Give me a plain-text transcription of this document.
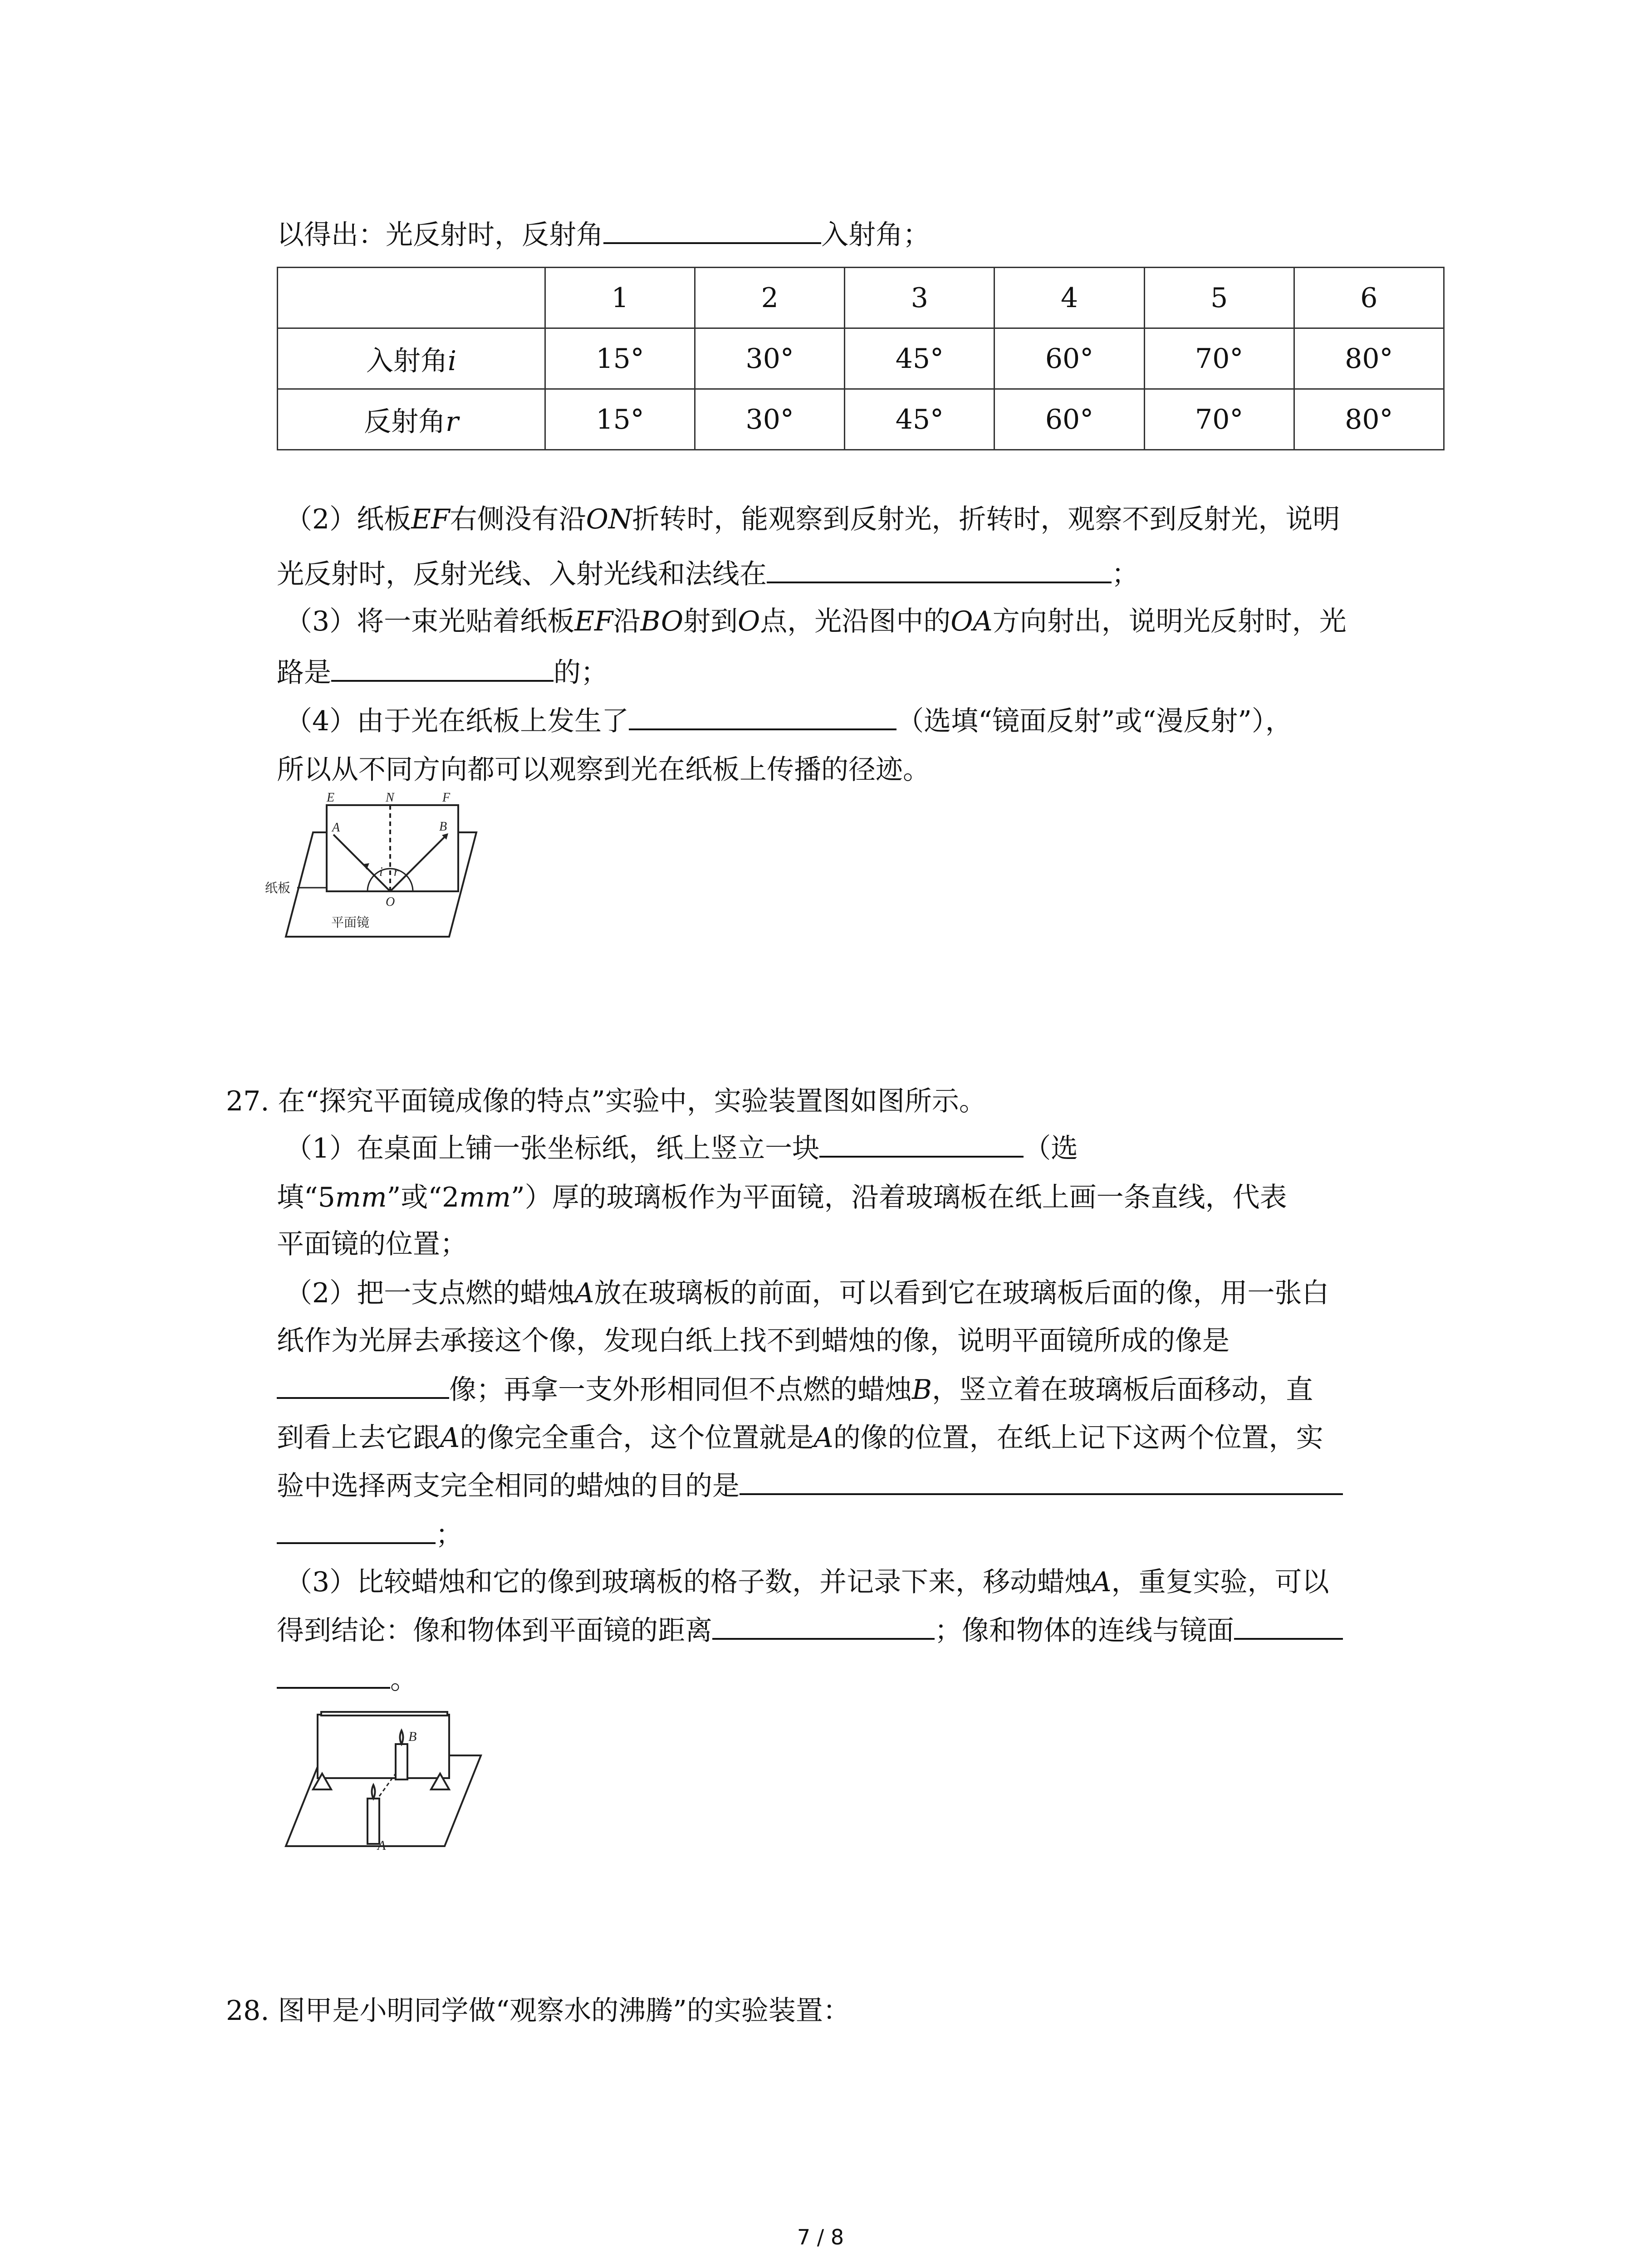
以得出：光反射时，反射角	入射角；
	1	2	3	4	5	6
入射角i	15°	30°	45°	60°	70°	80°
反射角r	15°	30°	45°	60°	70°	80°
（2）纸板EF右侧没有沿ON折转时，能观察到反射光，折转时，观察不到反射光，说明
光反射时，反射光线、入射光线和法线在	；
（3）将一束光贴着纸板EF沿BO射到O点，光沿图中的OA方向射出，说明光反射时，光
路是	的；
（4）由于光在纸板上发生了	（选填“镜面反射”或“漫反射”），
所以从不同方向都可以观察到光在纸板上传播的径迹。
E	N	F
A	B
i r
O
纸板
平面镜
27. 在“探究平面镜成像的特点”实验中，实验装置图如图所示。
（1）在桌面上铺一张坐标纸，纸上竖立一块	（选
填“5mm”或“2mm”）厚的玻璃板作为平面镜，沿着玻璃板在纸上画一条直线，代表
平面镜的位置；
（2）把一支点燃的蜡烛A放在玻璃板的前面，可以看到它在玻璃板后面的像，用一张白
纸作为光屏去承接这个像，发现白纸上找不到蜡烛的像，说明平面镜所成的像是
像；再拿一支外形相同但不点燃的蜡烛B，竖立着在玻璃板后面移动，直
到看上去它跟A的像完全重合，这个位置就是A的像的位置，在纸上记下这两个位置，实
验中选择两支完全相同的蜡烛的目的是
；
（3）比较蜡烛和它的像到玻璃板的格子数，并记录下来，移动蜡烛A，重复实验，可以
得到结论：像和物体到平面镜的距离	；像和物体的连线与镜面
。
B
A
28. 图甲是小明同学做“观察水的沸腾”的实验装置：
7 / 8
